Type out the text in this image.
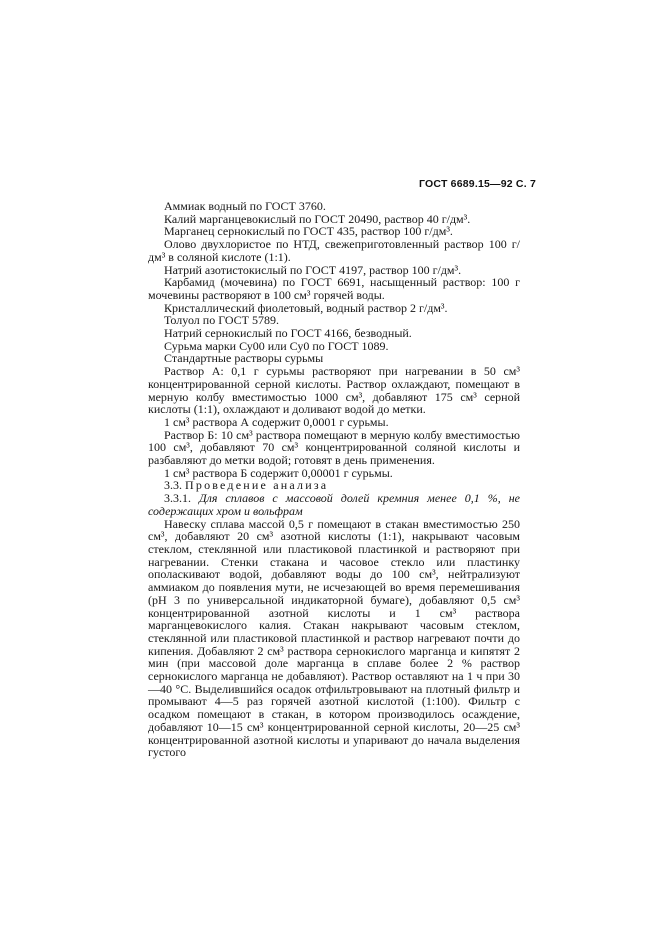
ГОСТ 6689.15—92 С. 7

Аммиак водный по ГОСТ 3760.

Калий марганцевокислый по ГОСТ 20490, раствор 40 г/дм³.

Марганец сернокислый по ГОСТ 435, раствор 100 г/дм³.

Олово двухлористое по НТД, свежеприготовленный раствор 100 г/дм³ в соляной кислоте (1:1).

Натрий азотистокислый по ГОСТ 4197, раствор 100 г/дм³.

Карбамид (мочевина) по ГОСТ 6691, насыщенный раствор: 100 г мочевины растворяют в 100 см³ горячей воды.

Кристаллический фиолетовый, водный раствор 2 г/дм³.

Толуол по ГОСТ 5789.

Натрий сернокислый по ГОСТ 4166, безводный.

Сурьма марки Су00 или Су0 по ГОСТ 1089.

Стандартные растворы сурьмы

Раствор А: 0,1 г сурьмы растворяют при нагревании в 50 см³ концентрированной серной кислоты. Раствор охлаждают, помещают в мерную колбу вместимостью 1000 см³, добавляют 175 см³ серной кислоты (1:1), охлаждают и доливают водой до метки.

1 см³ раствора А содержит 0,0001 г сурьмы.

Раствор Б: 10 см³ раствора помещают в мерную колбу вместимостью 100 см³, добавляют 70 см³ концентрированной соляной кислоты и разбавляют до метки водой; готовят в день применения.

1 см³ раствора Б содержит 0,00001 г сурьмы.

3.3. Проведение анализа

3.3.1. Для сплавов с массовой долей кремния менее 0,1 %, не содержащих хром и вольфрам

Навеску сплава массой 0,5 г помещают в стакан вместимостью 250 см³, добавляют 20 см³ азотной кислоты (1:1), накрывают часовым стеклом, стеклянной или пластиковой пластинкой и растворяют при нагревании. Стенки стакана и часовое стекло или пластинку ополаскивают водой, добавляют воды до 100 см³, нейтрализуют аммиаком до появления мути, не исчезающей во время перемешивания (pH 3 по универсальной индикаторной бумаге), добавляют 0,5 см³ концентрированной азотной кислоты и 1 см³ раствора марганцевокислого калия. Стакан накрывают часовым стеклом, стеклянной или пластиковой пластинкой и раствор нагревают почти до кипения. Добавляют 2 см³ раствора сернокислого марганца и кипятят 2 мин (при массовой доле марганца в сплаве более 2 % раствор сернокислого марганца не добавляют). Раствор оставляют на 1 ч при 30—40 °С. Выделившийся осадок отфильтровывают на плотный фильтр и промывают 4—5 раз горячей азотной кислотой (1:100). Фильтр с осадком помещают в стакан, в котором производилось осаждение, добавляют 10—15 см³ концентрированной серной кислоты, 20—25 см³ концентрированной азотной кислоты и упаривают до начала выделения густого
